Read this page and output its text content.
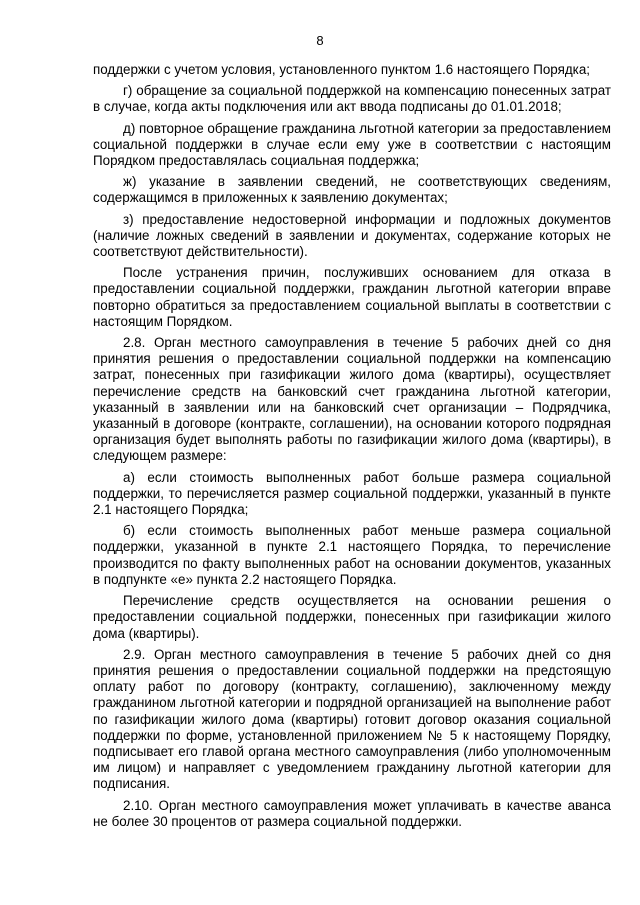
8

поддержки с учетом условия, установленного пунктом 1.6 настоящего Порядка;

г) обращение за социальной поддержкой на компенсацию понесенных затрат в случае, когда акты подключения или акт ввода подписаны до 01.01.2018;

д) повторное обращение гражданина льготной категории за предоставлением социальной поддержки в случае если ему уже в соответствии с настоящим Порядком предоставлялась социальная поддержка;

ж) указание в заявлении сведений, не соответствующих сведениям, содержащимся в приложенных к заявлению документах;

з) предоставление недостоверной информации и подложных документов (наличие ложных сведений в заявлении и документах, содержание которых не соответствуют действительности).

После устранения причин, послуживших основанием для отказа в предоставлении социальной поддержки, гражданин льготной категории вправе повторно обратиться за предоставлением социальной выплаты в соответствии с настоящим Порядком.

2.8. Орган местного самоуправления в течение 5 рабочих дней со дня принятия решения о предоставлении социальной поддержки на компенсацию затрат, понесенных при газификации жилого дома (квартиры), осуществляет перечисление средств на банковский счет гражданина льготной категории, указанный в заявлении или на банковский счет организации – Подрядчика, указанный в договоре (контракте, соглашении), на основании которого подрядная организация будет выполнять работы по газификации жилого дома (квартиры), в следующем размере:

а) если стоимость выполненных работ больше размера социальной поддержки, то перечисляется размер социальной поддержки, указанный в пункте 2.1 настоящего Порядка;

б) если стоимость выполненных работ меньше размера социальной поддержки, указанной в пункте 2.1 настоящего Порядка, то перечисление производится по факту выполненных работ на основании документов, указанных в подпункте «е» пункта 2.2 настоящего Порядка.

Перечисление средств осуществляется на основании решения о предоставлении социальной поддержки, понесенных при газификации жилого дома (квартиры).

2.9. Орган местного самоуправления в течение 5 рабочих дней со дня принятия решения о предоставлении социальной поддержки на предстоящую оплату работ по договору (контракту, соглашению), заключенному между гражданином льготной категории и подрядной организацией на выполнение работ по газификации жилого дома (квартиры) готовит договор оказания социальной поддержки по форме, установленной приложением № 5 к настоящему Порядку, подписывает его главой органа местного самоуправления (либо уполномоченным им лицом) и направляет с уведомлением гражданину льготной категории для подписания.

2.10. Орган местного самоуправления может уплачивать в качестве аванса не более 30 процентов от размера социальной поддержки.
